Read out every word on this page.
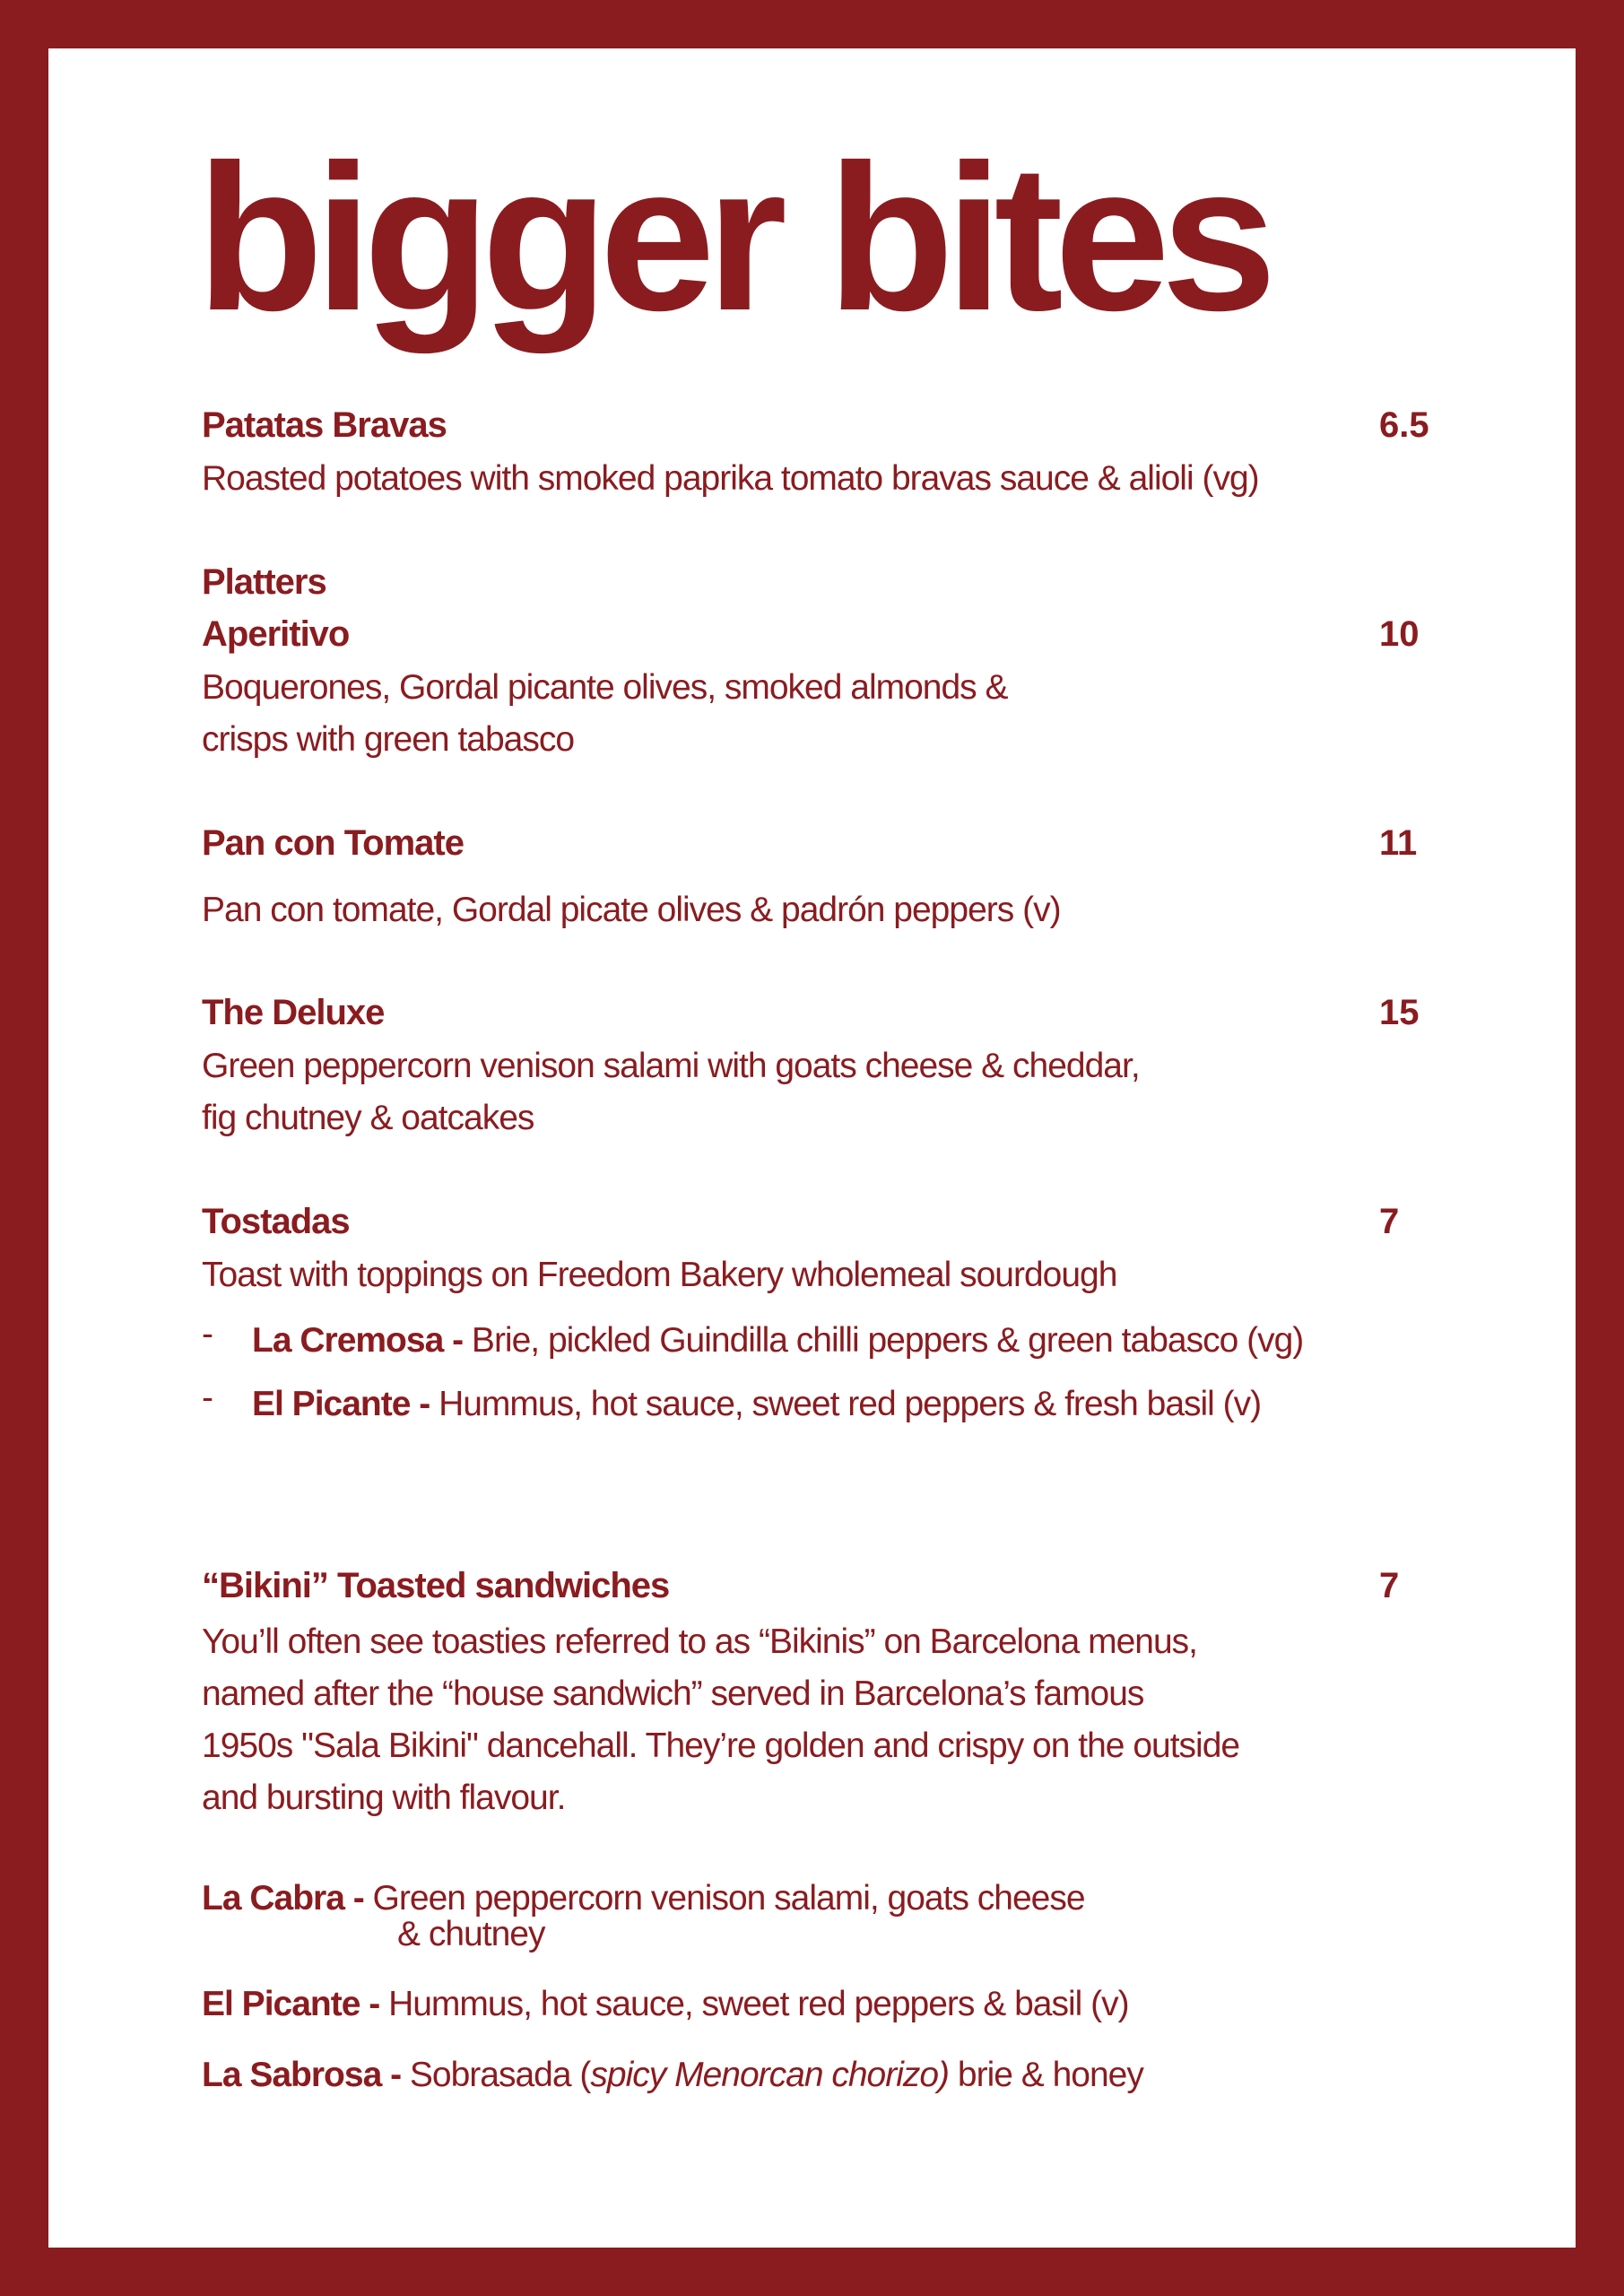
bigger bites
Patatas Bravas	6.5
Roasted potatoes with smoked paprika tomato bravas sauce & alioli (vg)
Platters
Aperitivo	10
Boquerones, Gordal picante olives, smoked almonds &
crisps with green tabasco
Pan con Tomate	11
Pan con tomate, Gordal picate olives & padrón peppers (v)
The Deluxe	15
Green peppercorn venison salami with goats cheese & cheddar,
fig chutney & oatcakes
Tostadas	7
Toast with toppings on Freedom Bakery wholemeal sourdough
- La Cremosa - Brie, pickled Guindilla chilli peppers & green tabasco (vg)
- El Picante - Hummus, hot sauce, sweet red peppers & fresh basil (v)
“Bikini” Toasted sandwiches	7
You’ll often see toasties referred to as “Bikinis” on Barcelona menus,
named after the “house sandwich” served in Barcelona’s famous
1950s "Sala Bikini" dancehall. They’re golden and crispy on the outside
and bursting with flavour.
La Cabra - Green peppercorn venison salami, goats cheese
& chutney
El Picante - Hummus, hot sauce, sweet red peppers & basil (v)
La Sabrosa - Sobrasada (spicy Menorcan chorizo) brie & honey
